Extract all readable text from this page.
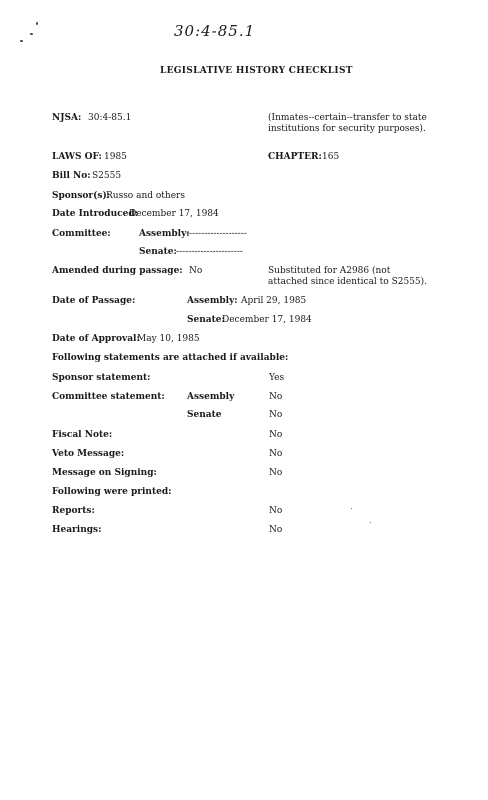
30:4-85.1
LEGISLATIVE HISTORY CHECKLIST
NJSA: 30:4-85.1	(Inmates--certain--transfer to state institutions for security purposes).
LAWS OF: 1985	CHAPTER: 165
Bill No: S2555
Sponsor(s):
Russo and others
Date Introduced:
December 17, 1984
Committee:	Assembly:
--------------------
Senate: ----------------------
Amended during passage: No	Substituted for A2986 (not attached since identical to S2555).
Date of Passage:	Assembly: April 29, 1985
Senate:
December 17, 1984
Date of Approval:
May 10, 1985
Following statements are attached if available:
Sponsor statement:	Yes
Committee statement: Assembly	No
Senate	No
Fiscal Note:	No
Veto Message:	No
Message on Signing:	No
Following were printed:
Reports:	No
Hearings:	No
